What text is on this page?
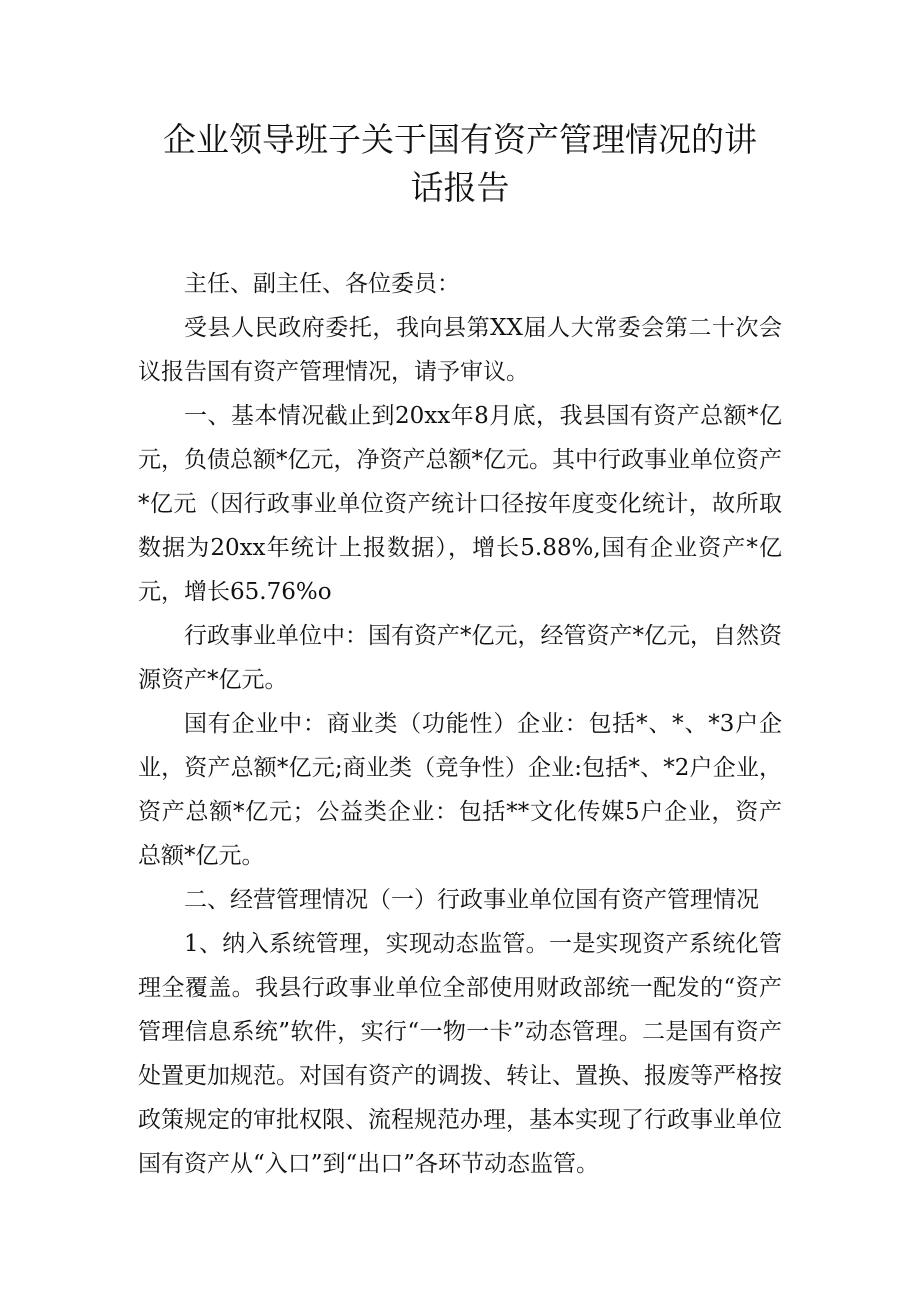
企业领导班子关于国有资产管理情况的讲
话报告

主任、副主任、各位委员：

受县人民政府委托，我向县第XX届人大常委会第二十次会议报告国有资产管理情况，请予审议。

一、基本情况截止到20xx年8月底，我县国有资产总额*亿元，负债总额*亿元，净资产总额*亿元。其中行政事业单位资产*亿元（因行政事业单位资产统计口径按年度变化统计，故所取数据为20xx年统计上报数据），增长5.88%,国有企业资产*亿元，增长65.76%o

行政事业单位中：国有资产*亿元，经管资产*亿元，自然资源资产*亿元。

国有企业中：商业类（功能性）企业：包括*、*、*3户企业，资产总额*亿元;商业类（竞争性）企业:包括*、*2户企业，资产总额*亿元；公益类企业：包括**文化传媒5户企业，资产总额*亿元。

二、经营管理情况（一）行政事业单位国有资产管理情况

1、纳入系统管理，实现动态监管。一是实现资产系统化管理全覆盖。我县行政事业单位全部使用财政部统一配发的“资产管理信息系统”软件，实行“一物一卡”动态管理。二是国有资产处置更加规范。对国有资产的调拨、转让、置换、报废等严格按政策规定的审批权限、流程规范办理，基本实现了行政事业单位国有资产从“入口”到“出口”各环节动态监管。
